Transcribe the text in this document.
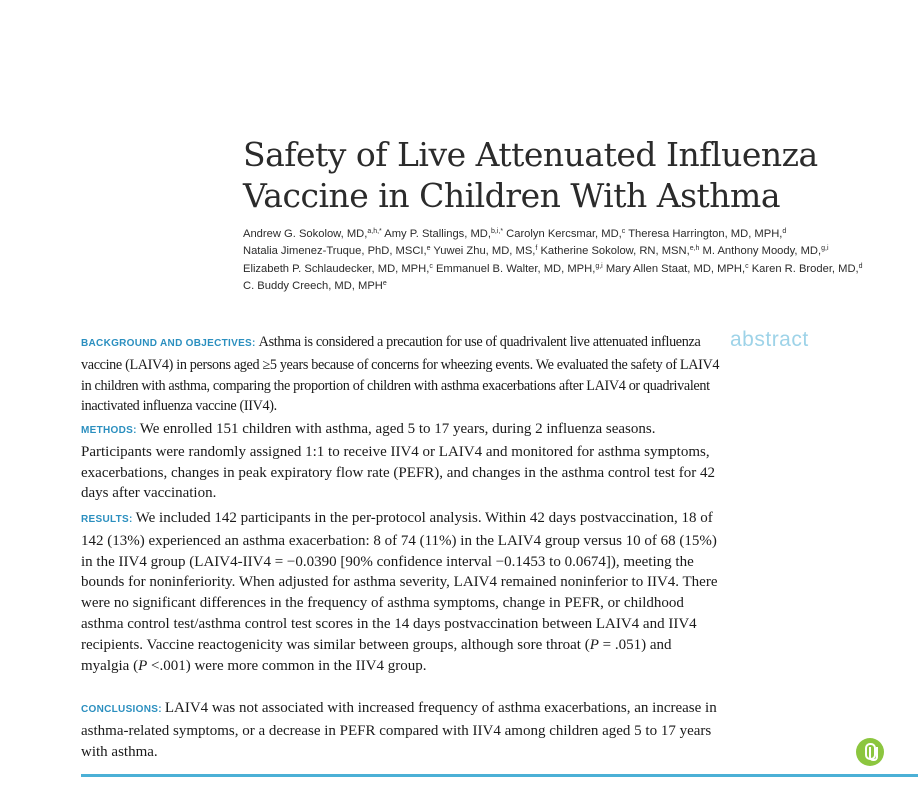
Safety of Live Attenuated Influenza Vaccine in Children With Asthma
Andrew G. Sokolow, MD,$^{a,h,*}$ Amy P. Stallings, MD,$^{b,i,*}$ Carolyn Kercsmar, MD,$^c$ Theresa Harrington, MD, MPH,$^d$
Natalia Jimenez-Truque, PhD, MSCI,$^e$ Yuwei Zhu, MD, MS,$^f$ Katherine Sokolow, RN, MSN,$^{e,h}$ M. Anthony Moody, MD,$^{g,i}$
Elizabeth P. Schlaudecker, MD, MPH,$^c$ Emmanuel B. Walter, MD, MPH,$^{g,i}$ Mary Allen Staat, MD, MPH,$^c$ Karen R. Broder, MD,$^d$
C. Buddy Creech, MD, MPH$^e$
abstract

BACKGROUND AND OBJECTIVES: Asthma is considered a precaution for use of quadrivalent live attenuated influenza vaccine (LAIV4) in persons aged ≥5 years because of concerns for wheezing events. We evaluated the safety of LAIV4 in children with asthma, comparing the proportion of children with asthma exacerbations after LAIV4 or quadrivalent inactivated influenza vaccine (IIV4).

METHODS: We enrolled 151 children with asthma, aged 5 to 17 years, during 2 influenza seasons. Participants were randomly assigned 1:1 to receive IIV4 or LAIV4 and monitored for asthma symptoms, exacerbations, changes in peak expiratory flow rate (PEFR), and changes in the asthma control test for 42 days after vaccination.

RESULTS: We included 142 participants in the per-protocol analysis. Within 42 days postvaccination, 18 of 142 (13%) experienced an asthma exacerbation: 8 of 74 (11%) in the LAIV4 group versus 10 of 68 (15%) in the IIV4 group (LAIV4-IIV4 = −0.0390 [90% confidence interval −0.1453 to 0.0674]), meeting the bounds for noninferiority. When adjusted for asthma severity, LAIV4 remained noninferior to IIV4. There were no significant differences in the frequency of asthma symptoms, change in PEFR, or childhood asthma control test/asthma control test scores in the 14 days postvaccination between LAIV4 and IIV4 recipients. Vaccine reactogenicity was similar between groups, although sore throat (P = .051) and myalgia (P <.001) were more common in the IIV4 group.

CONCLUSIONS: LAIV4 was not associated with increased frequency of asthma exacerbations, an increase in asthma-related symptoms, or a decrease in PEFR compared with IIV4 among children aged 5 to 17 years with asthma.
